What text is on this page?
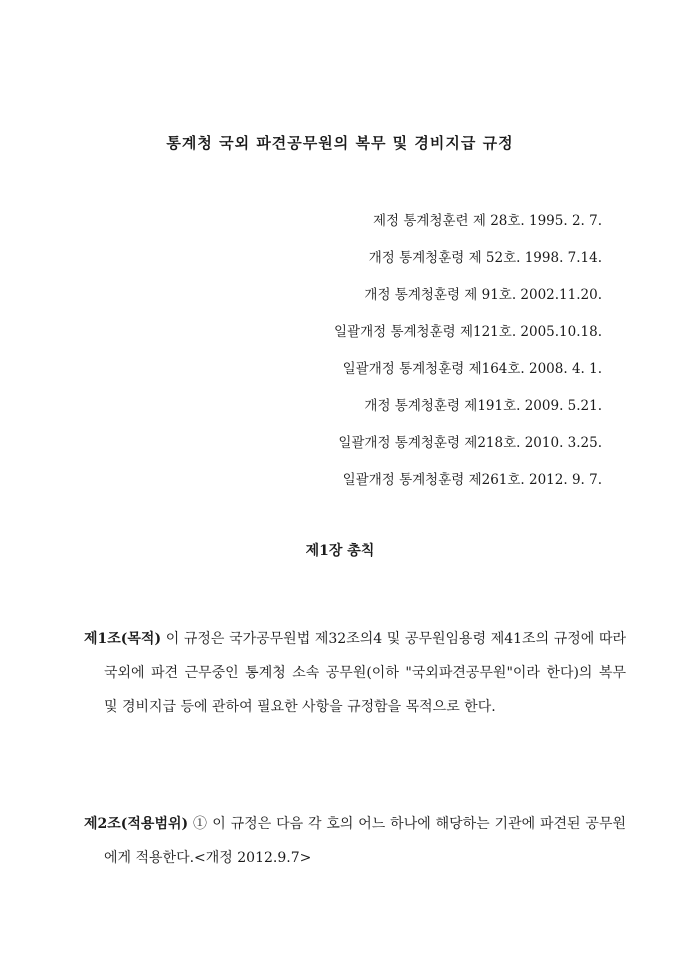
통계청 국외 파견공무원의 복무 및 경비지급 규정
제정 통계청훈련 제 28호. 1995. 2. 7.
개정 통계청훈령 제 52호. 1998. 7.14.
개정 통계청훈령 제 91호. 2002.11.20.
일괄개정 통계청훈령 제121호. 2005.10.18.
일괄개정 통계청훈령 제164호. 2008. 4. 1.
개정 통계청훈령 제191호. 2009. 5.21.
일괄개정 통계청훈령 제218호. 2010. 3.25.
일괄개정 통계청훈령 제261호. 2012. 9. 7.
제1장 총칙

제1조(목적) 이 규정은 국가공무원법 제32조의4 및 공무원임용령 제41조의 규정에 따라 국외에 파견 근무중인 통계청 소속 공무원(이하 "국외파견공무원"이라 한다)의 복무 및 경비지급 등에 관하여 필요한 사항을 규정함을 목적으로 한다.

제2조(적용범위) ① 이 규정은 다음 각 호의 어느 하나에 해당하는 기관에 파견된 공무원에게 적용한다.<개정 2012.9.7>
